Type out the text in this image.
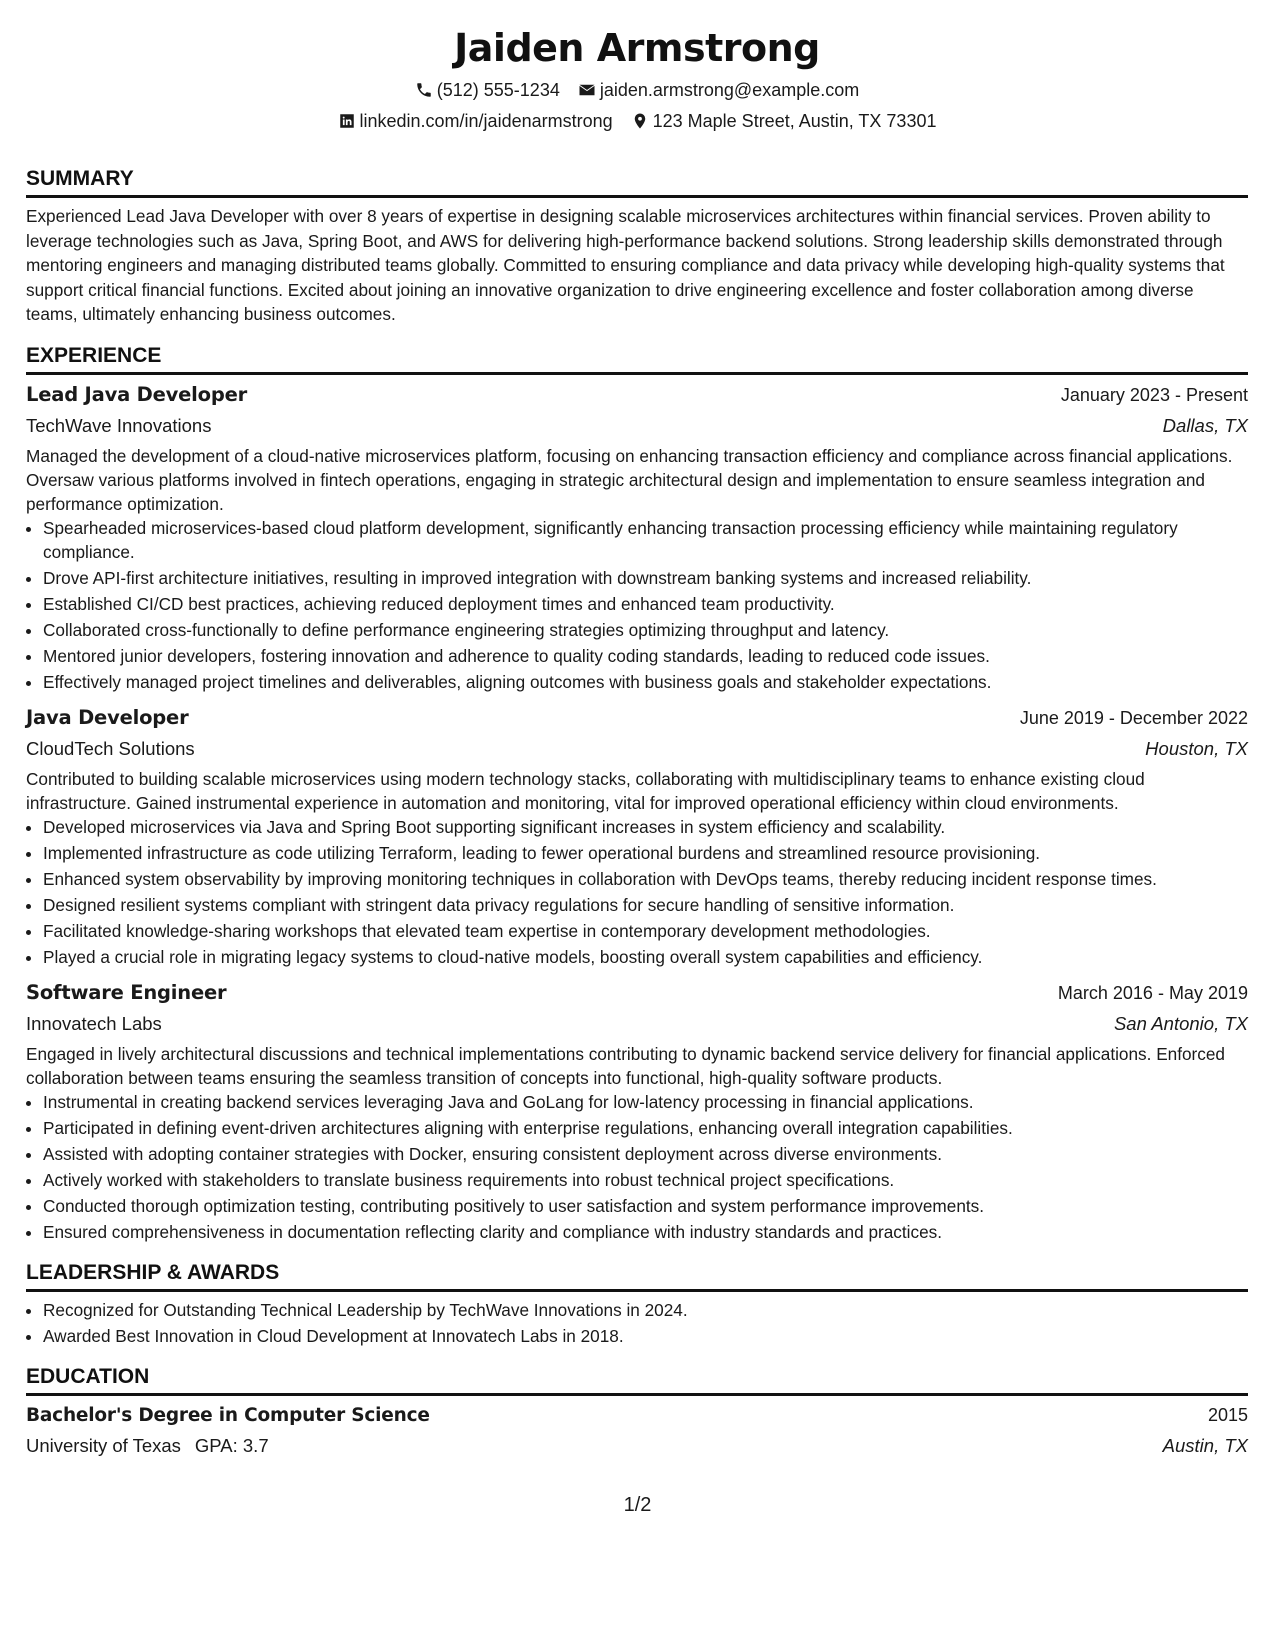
Jaiden Armstrong
(512) 555-1234 jaiden.armstrong@example.com
linkedin.com/in/jaidenarmstrong 123 Maple Street, Austin, TX 73301
SUMMARY

Experienced Lead Java Developer with over 8 years of expertise in designing scalable microservices architectures within financial services. Proven ability to leverage technologies such as Java, Spring Boot, and AWS for delivering high-performance backend solutions. Strong leadership skills demonstrated through mentoring engineers and managing distributed teams globally. Committed to ensuring compliance and data privacy while developing high-quality systems that support critical financial functions. Excited about joining an innovative organization to drive engineering excellence and foster collaboration among diverse teams, ultimately enhancing business outcomes.

EXPERIENCE
Lead Java Developer	January 2023 - Present
TechWave Innovations	Dallas, TX

Managed the development of a cloud-native microservices platform, focusing on enhancing transaction efficiency and compliance across financial applications. Oversaw various platforms involved in fintech operations, engaging in strategic architectural design and implementation to ensure seamless integration and performance optimization.

• Spearheaded microservices-based cloud platform development, significantly enhancing transaction processing efficiency while maintaining regulatory compliance.
• Drove API-first architecture initiatives, resulting in improved integration with downstream banking systems and increased reliability.
• Established CI/CD best practices, achieving reduced deployment times and enhanced team productivity.
• Collaborated cross-functionally to define performance engineering strategies optimizing throughput and latency.
• Mentored junior developers, fostering innovation and adherence to quality coding standards, leading to reduced code issues.
• Effectively managed project timelines and deliverables, aligning outcomes with business goals and stakeholder expectations.
Java Developer	June 2019 - December 2022
CloudTech Solutions	Houston, TX

Contributed to building scalable microservices using modern technology stacks, collaborating with multidisciplinary teams to enhance existing cloud infrastructure. Gained instrumental experience in automation and monitoring, vital for improved operational efficiency within cloud environments.

• Developed microservices via Java and Spring Boot supporting significant increases in system efficiency and scalability.
• Implemented infrastructure as code utilizing Terraform, leading to fewer operational burdens and streamlined resource provisioning.
• Enhanced system observability by improving monitoring techniques in collaboration with DevOps teams, thereby reducing incident response times.
• Designed resilient systems compliant with stringent data privacy regulations for secure handling of sensitive information.
• Facilitated knowledge-sharing workshops that elevated team expertise in contemporary development methodologies.
• Played a crucial role in migrating legacy systems to cloud-native models, boosting overall system capabilities and efficiency.
Software Engineer	March 2016 - May 2019
Innovatech Labs	San Antonio, TX

Engaged in lively architectural discussions and technical implementations contributing to dynamic backend service delivery for financial applications. Enforced collaboration between teams ensuring the seamless transition of concepts into functional, high-quality software products.

• Instrumental in creating backend services leveraging Java and GoLang for low-latency processing in financial applications.
• Participated in defining event-driven architectures aligning with enterprise regulations, enhancing overall integration capabilities.
• Assisted with adopting container strategies with Docker, ensuring consistent deployment across diverse environments.
• Actively worked with stakeholders to translate business requirements into robust technical project specifications.
• Conducted thorough optimization testing, contributing positively to user satisfaction and system performance improvements.
• Ensured comprehensiveness in documentation reflecting clarity and compliance with industry standards and practices.
LEADERSHIP & AWARDS
• Recognized for Outstanding Technical Leadership by TechWave Innovations in 2024.
• Awarded Best Innovation in Cloud Development at Innovatech Labs in 2018.
EDUCATION
Bachelor's Degree in Computer Science	2015
University of Texas GPA: 3.7	Austin, TX
1/2
